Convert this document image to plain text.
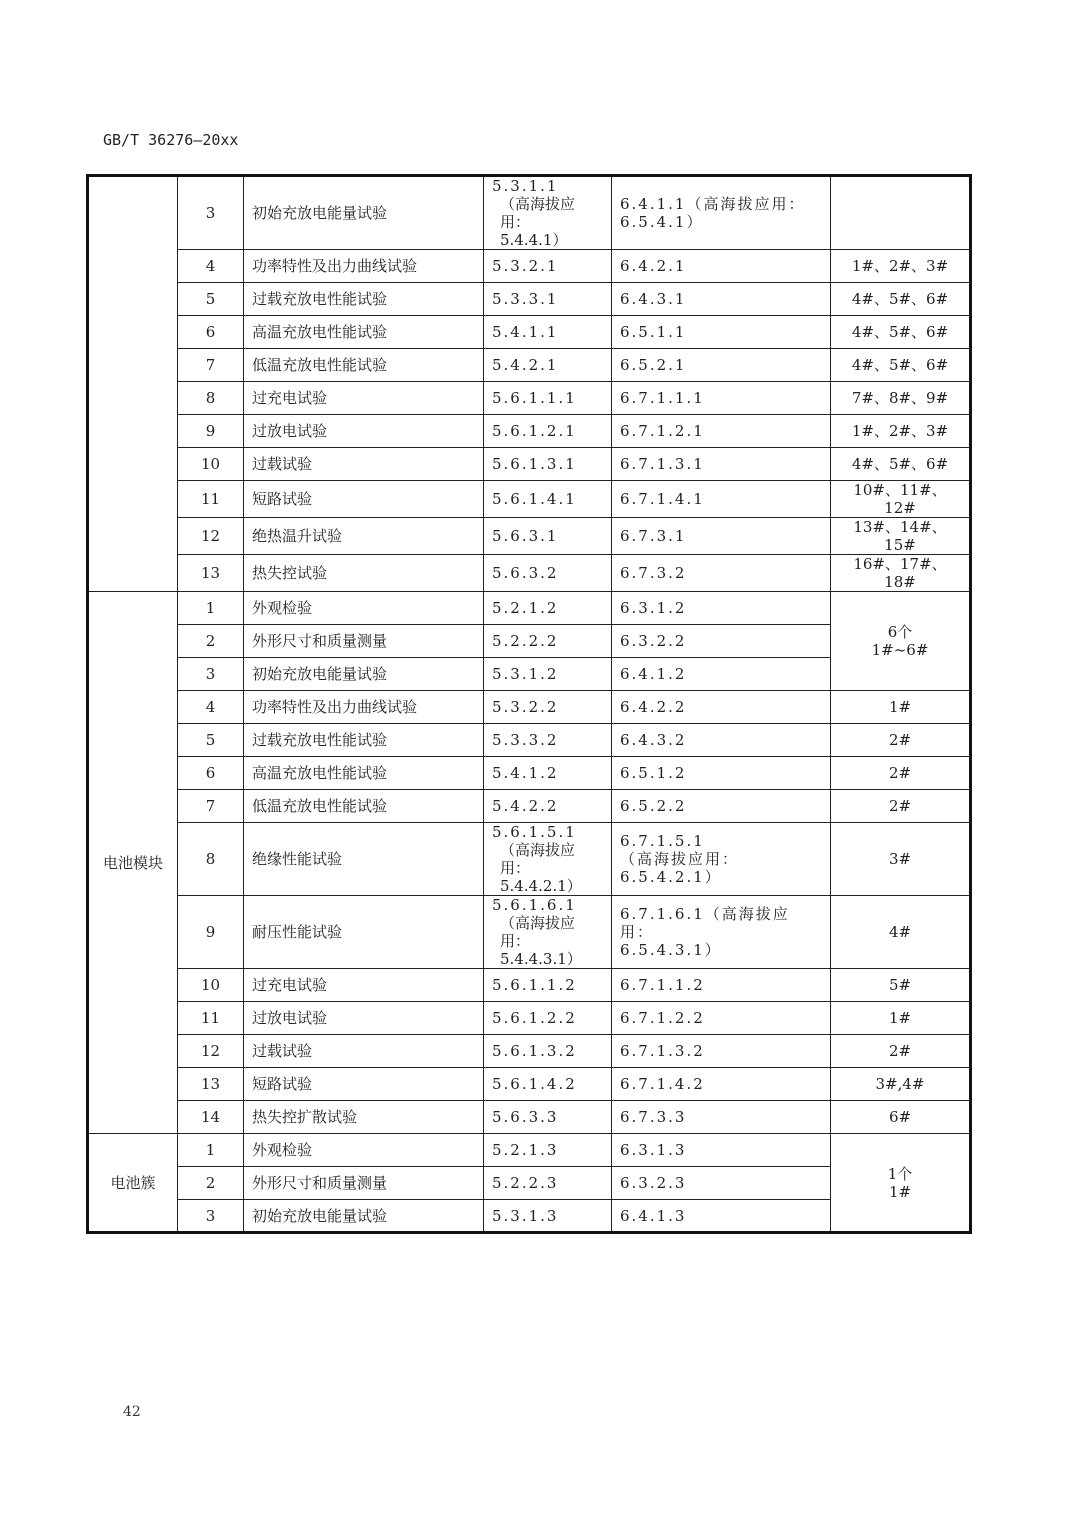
GB/T 36276—20xx
	3	初始充放电能量试验	5.3.1.1
（高海拔应用：
5.4.4.1）	6.4.1.1（高海拔应用：
6.5.4.1）	

	4	功率特性及出力曲线试验	5.3.2.1	6.4.2.1	1#、2#、3#
	5	过载充放电性能试验	5.3.3.1	6.4.3.1	4#、5#、6#
	6	高温充放电性能试验	5.4.1.1	6.5.1.1	4#、5#、6#
	7	低温充放电性能试验	5.4.2.1	6.5.2.1	4#、5#、6#
	8	过充电试验	5.6.1.1.1	6.7.1.1.1	7#、8#、9#
	9	过放电试验	5.6.1.2.1	6.7.1.2.1	1#、2#、3#
	10	过载试验	5.6.1.3.1	6.7.1.3.1	4#、5#、6#
	11	短路试验	5.6.1.4.1	6.7.1.4.1	10#、11#、12#
	12	绝热温升试验	5.6.3.1	6.7.3.1	13#、14#、15#
	13	热失控试验	5.6.3.2	6.7.3.2	16#、17#、18#
电池模块	1	外观检验	5.2.1.2	6.3.1.2	6个
1#~6#

	2	外形尺寸和质量测量	5.2.2.2	6.3.2.2	
	3	初始充放电能量试验	5.3.1.2	6.4.1.2	
	4	功率特性及出力曲线试验	5.3.2.2	6.4.2.2	1#
	5	过载充放电性能试验	5.3.3.2	6.4.3.2	2#
	6	高温充放电性能试验	5.4.1.2	6.5.1.2	2#
	7	低温充放电性能试验	5.4.2.2	6.5.2.2	2#
	8	绝缘性能试验	5.6.1.5.1
（高海拔应用：
5.4.4.2.1）	6.7.1.5.1
（高海拔应用：6.5.4.2.1）	3#
	9	耐压性能试验	5.6.1.6.1
（高海拔应用：
5.4.4.3.1）	6.7.1.6.1（高海拔应用：
6.5.4.3.1）	4#
	10	过充电试验	5.6.1.1.2	6.7.1.1.2	5#
	11	过放电试验	5.6.1.2.2	6.7.1.2.2	1#
	12	过载试验	5.6.1.3.2	6.7.1.3.2	2#
	13	短路试验	5.6.1.4.2	6.7.1.4.2	3#,4#
	14	热失控扩散试验	5.6.3.3	6.7.3.3	6#
电池簇	1	外观检验	5.2.1.3	6.3.1.3	1个
1#

	2	外形尺寸和质量测量	5.2.2.3	6.3.2.3	
	3	初始充放电能量试验	5.3.1.3	6.4.1.3	
42
